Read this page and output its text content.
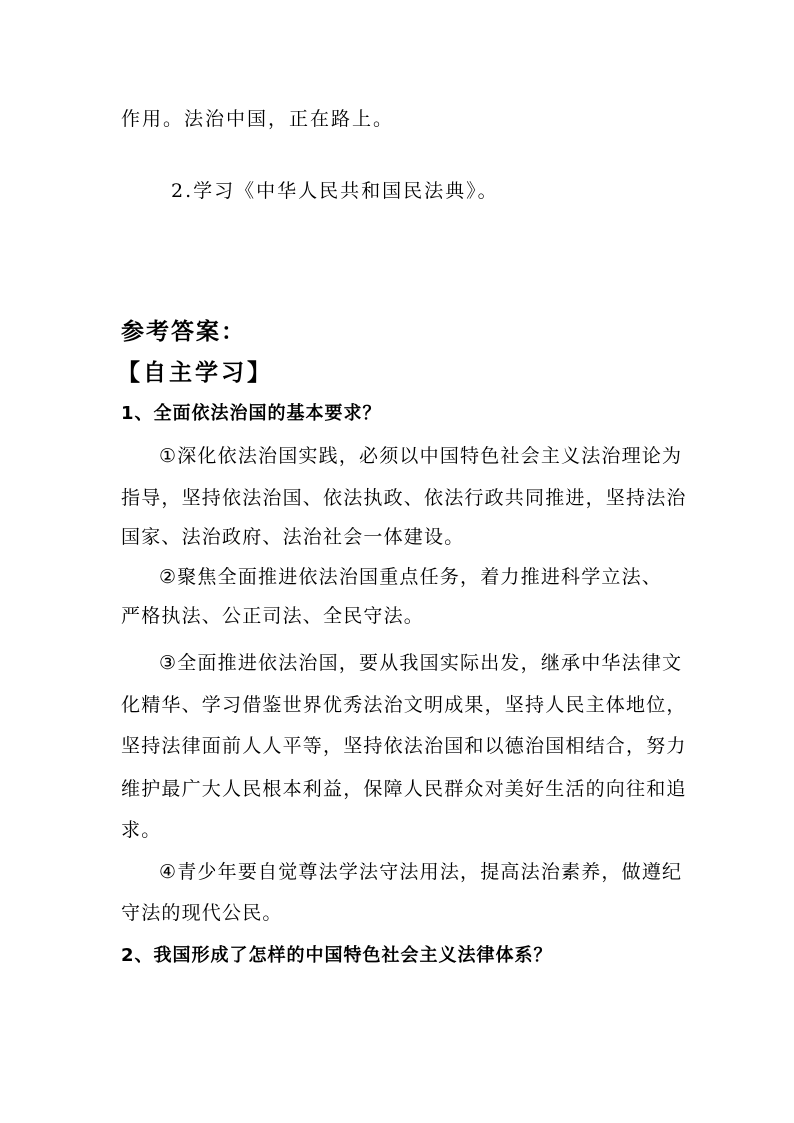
作用。法治中国，正在路上。
2.学习《中华人民共和国民法典》。
参考答案：
【自主学习】
1、全面依法治国的基本要求？
①深化依法治国实践，必须以中国特色社会主义法治理论为
指导，坚持依法治国、依法执政、依法行政共同推进，坚持法治
国家、法治政府、法治社会一体建设。
②聚焦全面推进依法治国重点任务，着力推进科学立法、
严格执法、公正司法、全民守法。
③全面推进依法治国，要从我国实际出发，继承中华法律文
化精华、学习借鉴世界优秀法治文明成果，坚持人民主体地位，
坚持法律面前人人平等，坚持依法治国和以德治国相结合，努力
维护最广大人民根本利益，保障人民群众对美好生活的向往和追
求。
④青少年要自觉尊法学法守法用法，提高法治素养，做遵纪
守法的现代公民。
2、我国形成了怎样的中国特色社会主义法律体系？
